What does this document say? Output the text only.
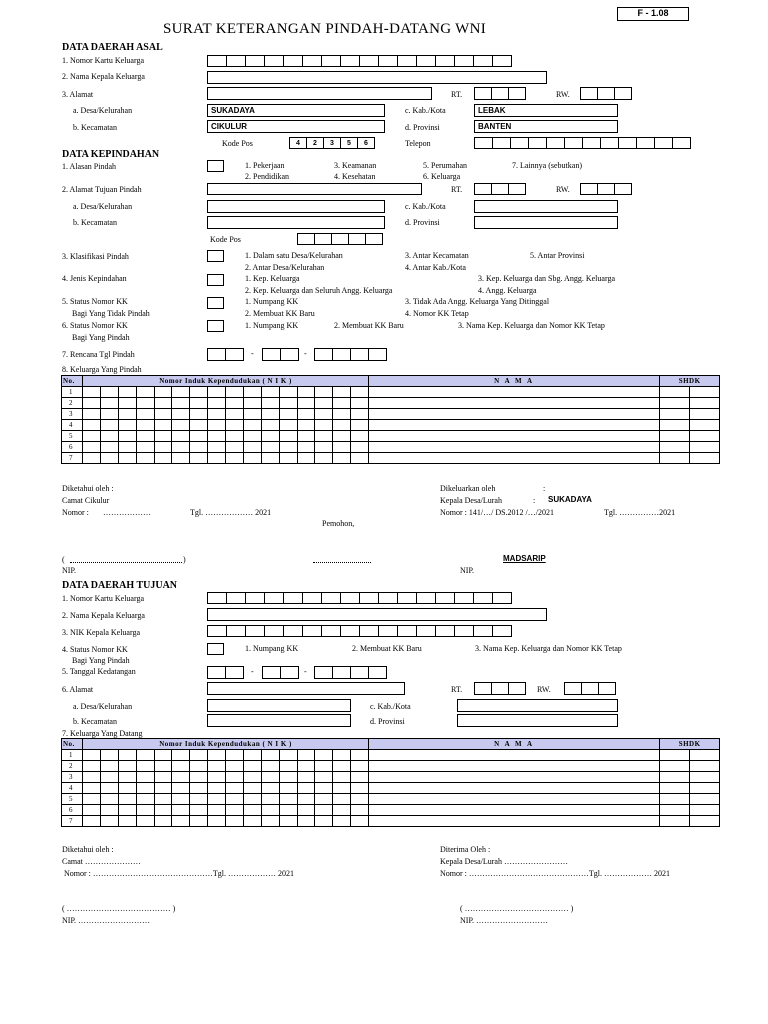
F - 1.08
SURAT KETERANGAN PINDAH-DATANG WNI
DATA DAERAH ASAL
1. Nomor Kartu Keluarga
2. Nama Kepala Keluarga
3. Alamat	RT.	RW.
a. Desa/Kelurahan	SUKADAYA	c. Kab./Kota	LEBAK
b. Kecamatan	CIKULUR	d. Provinsi	BANTEN
Kode Pos	4	2	3	5	6	Telepon
DATA KEPINDAHAN
1. Alasan Pindah	1. Pekerjaan	3. Keamanan	5. Perumahan	7. Lainnya (sebutkan)
2. Pendidikan	4. Kesehatan	6. Keluarga
2. Alamat Tujuan Pindah	RT.	RW.
a. Desa/Kelurahan	c. Kab./Kota
b. Kecamatan	d. Provinsi
Kode Pos
3. Klasifikasi Pindah	1. Dalam satu Desa/Kelurahan	3. Antar Kecamatan	5. Antar Provinsi
2. Antar Desa/Kelurahan	4. Antar Kab./Kota
4. Jenis Kepindahan	1. Kep. Keluarga	3. Kep. Keluarga dan Sbg. Angg. Keluarga
2. Kep. Keluarga dan Seluruh Angg. Keluarga	4. Angg. Keluarga
5. Status Nomor KK
Bagi Yang Tidak Pindah
1. Numpang KK	3. Tidak Ada Angg. Keluarga Yang Ditinggal
2. Membuat KK Baru	4. Nomor KK Tetap
6. Status Nomor KK
Bagi Yang Pindah
1. Numpang KK	2. Membuat KK Baru	3. Nama Kep. Keluarga dan Nomor KK Tetap
7. Rencana Tgl Pindah	-	-
8. Keluarga Yang Pindah
No.	Nomor Induk Kependudukan ( N I K )																N A M A	SHDK	
1																			
2																			
3																			
4																			
5																			
6																			
7																			
Diketahui oleh :
Camat Cikulur
Nomor : ………………	Tgl. ……………… 2021
Dikeluarkan oleh	:
Kepala Desa/Lurah	: SUKADAYA
Nomor : 141/…/ DS.2012 /…/2021	Tgl. ……………2021
Pemohon,
(	)	MADSARIP
NIP.	NIP.
DATA DAERAH TUJUAN
1. Nomor Kartu Keluarga
2. Nama Kepala Keluarga
3. NIK Kepala Keluarga
4. Status Nomor KK
Bagi Yang Pindah
1. Numpang KK	2. Membuat KK Baru	3. Nama Kep. Keluarga dan Nomor KK Tetap
5. Tanggal Kedatangan	-	-
6. Alamat	RT.	RW.
a. Desa/Kelurahan	c. Kab./Kota
b. Kecamatan	d. Provinsi
7. Keluarga Yang Datang
No.	Nomor Induk Kependudukan ( N I K )																N A M A	SHDK	
1																			
2																			
3																			
4																			
5																			
6																			
7																			
Diketahui oleh :
Camat …………………
Nomor : ………………………………………Tgl. ……………… 2021
Diterima Oleh :
Kepala Desa/Lurah ……………………
Nomor : ………………………………………Tgl. ……………… 2021
( ………………………………… )
NIP. ………………………
( ………………………………… )
NIP. ………………………
